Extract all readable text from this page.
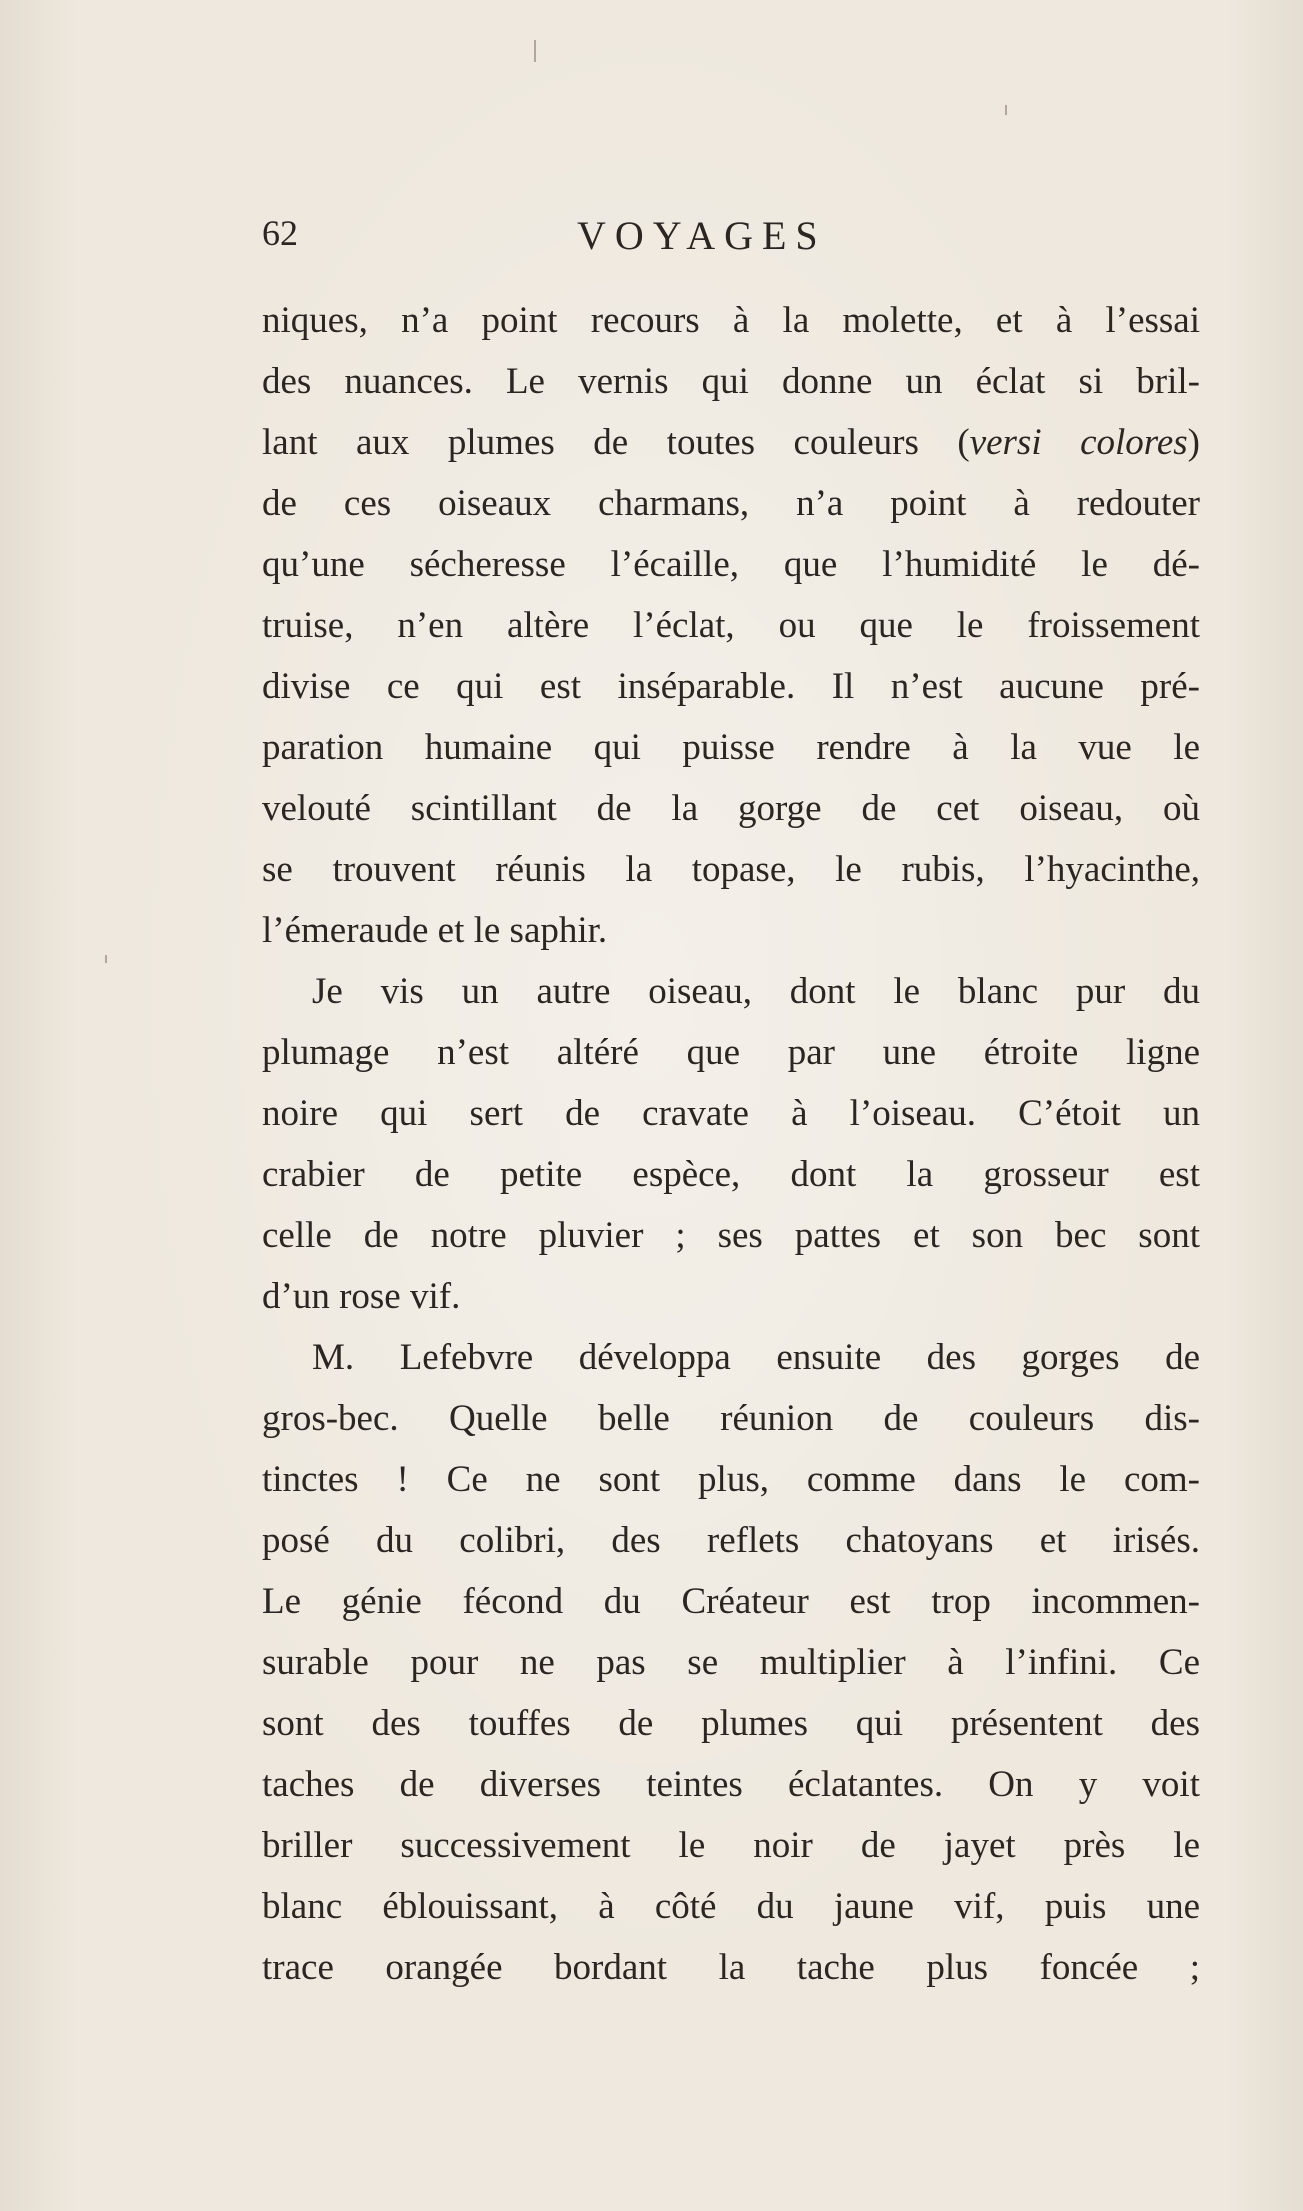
62	VOYAGES
niques, n’a point recours à la molette, et à l’essai
des nuances. Le vernis qui donne un éclat si bril-
lant aux plumes de toutes couleurs (versi colores)
de ces oiseaux charmans, n’a point à redouter
qu’une sécheresse l’écaille, que l’humidité le dé-
truise, n’en altère l’éclat, ou que le froissement
divise ce qui est inséparable. Il n’est aucune pré-
paration humaine qui puisse rendre à la vue le
velouté scintillant de la gorge de cet oiseau, où
se trouvent réunis la topase, le rubis, l’hyacinthe,
l’émeraude et le saphir.
Je vis un autre oiseau, dont le blanc pur du
plumage n’est altéré que par une étroite ligne
noire qui sert de cravate à l’oiseau. C’étoit un
crabier de petite espèce, dont la grosseur est
celle de notre pluvier ; ses pattes et son bec sont
d’un rose vif.
M. Lefebvre développa ensuite des gorges de
gros-bec. Quelle belle réunion de couleurs dis-
tinctes ! Ce ne sont plus, comme dans le com-
posé du colibri, des reflets chatoyans et irisés.
Le génie fécond du Créateur est trop incommen-
surable pour ne pas se multiplier à l’infini. Ce
sont des touffes de plumes qui présentent des
taches de diverses teintes éclatantes. On y voit
briller successivement le noir de jayet près le
blanc éblouissant, à côté du jaune vif, puis une
trace orangée bordant la tache plus foncée ;
